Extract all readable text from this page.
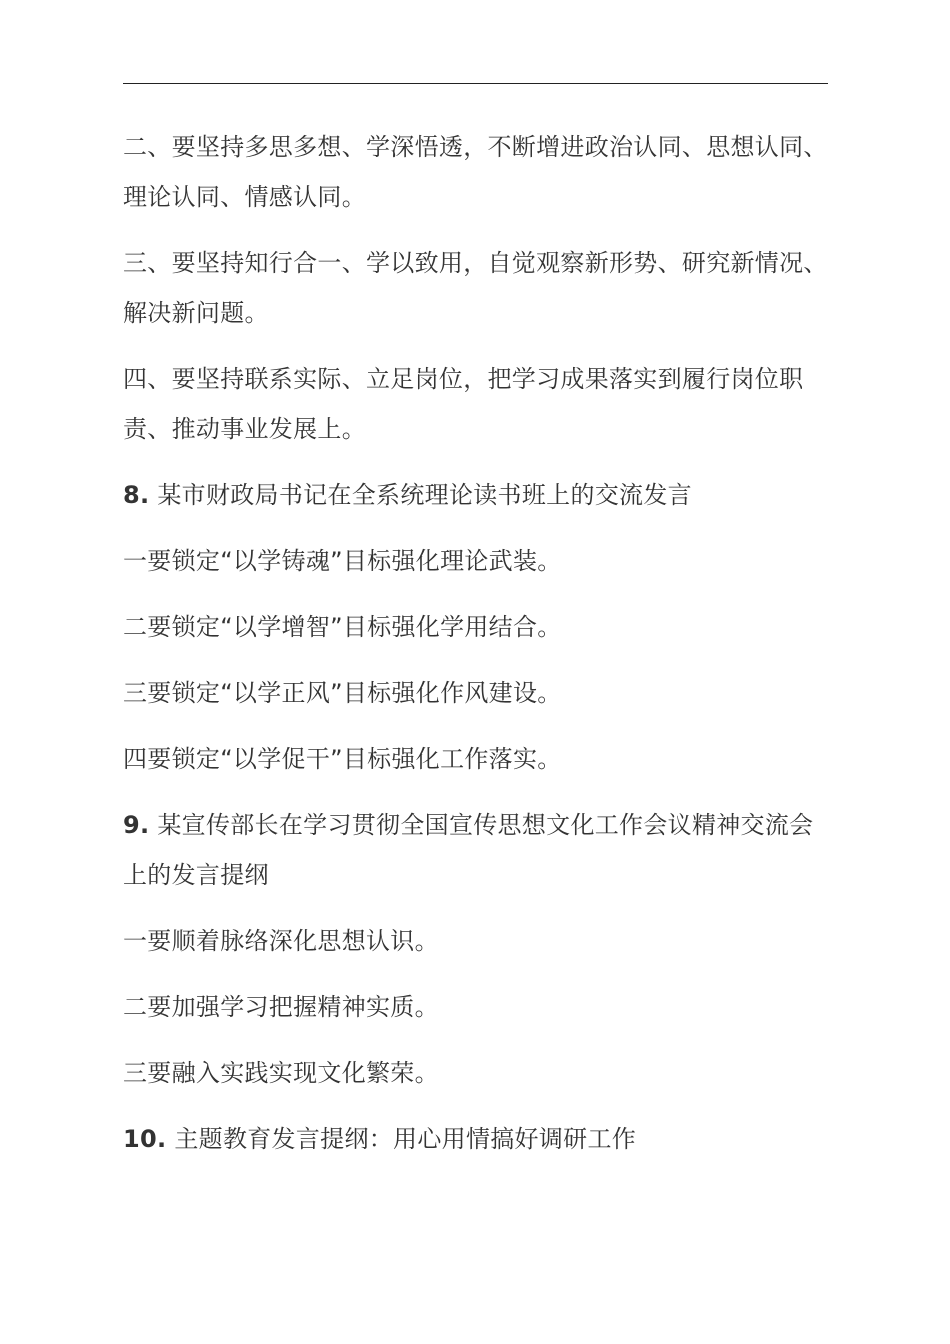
二、要坚持多思多想、学深悟透，不断增进政治认同、思想认同、理论认同、情感认同。

三、要坚持知行合一、学以致用，自觉观察新形势、研究新情况、解决新问题。

四、要坚持联系实际、立足岗位，把学习成果落实到履行岗位职责、推动事业发展上。

8. 某市财政局书记在全系统理论读书班上的交流发言

一要锁定“以学铸魂”目标强化理论武装。

二要锁定“以学增智”目标强化学用结合。

三要锁定“以学正风”目标强化作风建设。

四要锁定“以学促干”目标强化工作落实。

9. 某宣传部长在学习贯彻全国宣传思想文化工作会议精神交流会上的发言提纲

一要顺着脉络深化思想认识。

二要加强学习把握精神实质。

三要融入实践实现文化繁荣。

10. 主题教育发言提纲：用心用情搞好调研工作
